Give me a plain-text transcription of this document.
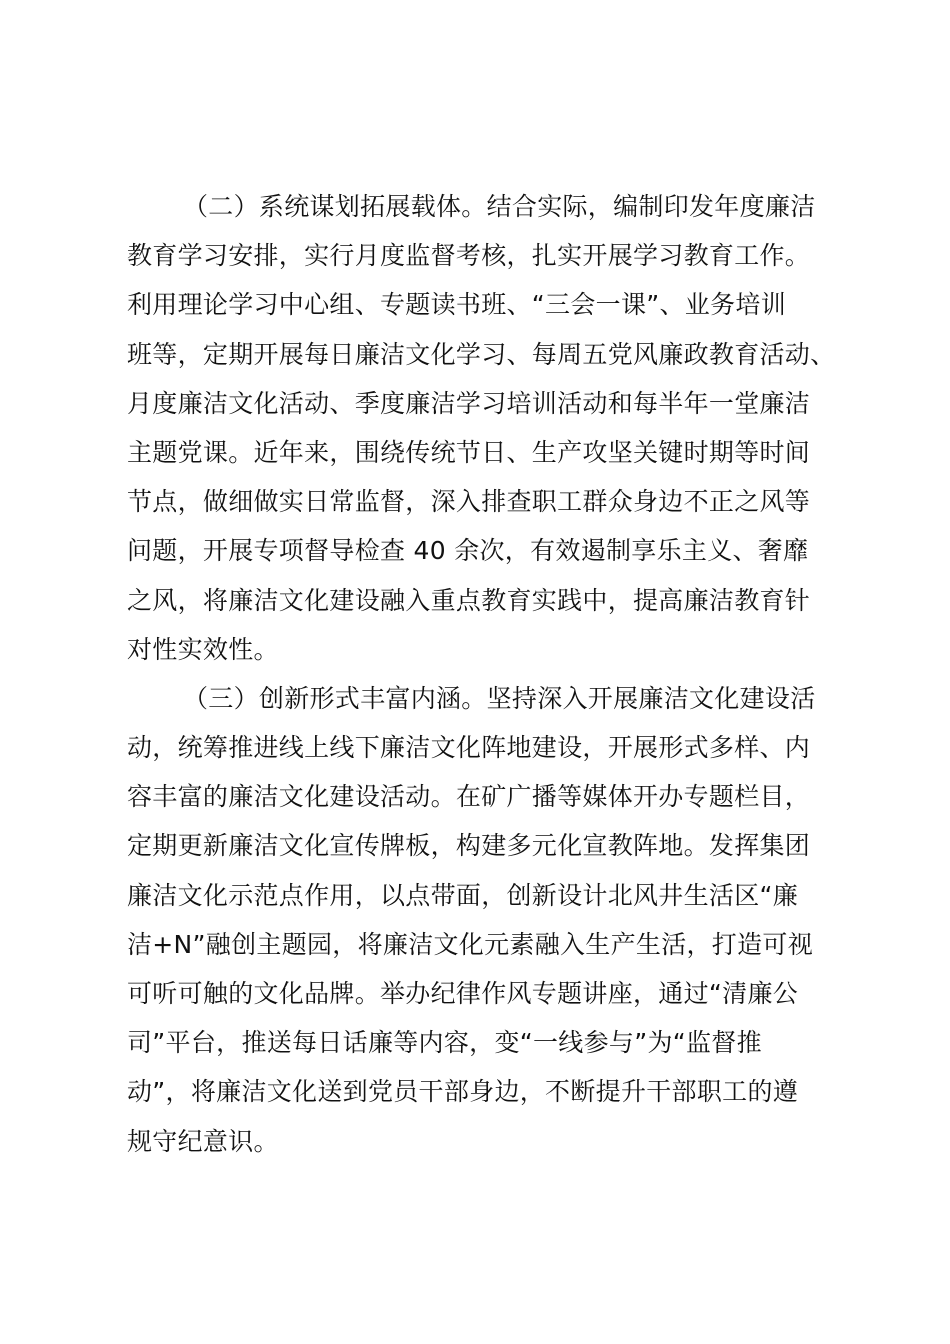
（二）系统谋划拓展载体。结合实际，编制印发年度廉洁
教育学习安排，实行月度监督考核，扎实开展学习教育工作。
利用理论学习中心组、专题读书班、“三会一课”、业务培训
班等，定期开展每日廉洁文化学习、每周五党风廉政教育活动、
月度廉洁文化活动、季度廉洁学习培训活动和每半年一堂廉洁
主题党课。近年来，围绕传统节日、生产攻坚关键时期等时间
节点，做细做实日常监督，深入排查职工群众身边不正之风等
问题，开展专项督导检查 40 余次，有效遏制享乐主义、奢靡
之风，将廉洁文化建设融入重点教育实践中，提高廉洁教育针
对性实效性。
（三）创新形式丰富内涵。坚持深入开展廉洁文化建设活
动，统筹推进线上线下廉洁文化阵地建设，开展形式多样、内
容丰富的廉洁文化建设活动。在矿广播等媒体开办专题栏目，
定期更新廉洁文化宣传牌板，构建多元化宣教阵地。发挥集团
廉洁文化示范点作用，以点带面，创新设计北风井生活区“廉
洁+N”融创主题园，将廉洁文化元素融入生产生活，打造可视
可听可触的文化品牌。举办纪律作风专题讲座，通过“清廉公
司”平台，推送每日话廉等内容，变“一线参与”为“监督推
动”，将廉洁文化送到党员干部身边，不断提升干部职工的遵
规守纪意识。
